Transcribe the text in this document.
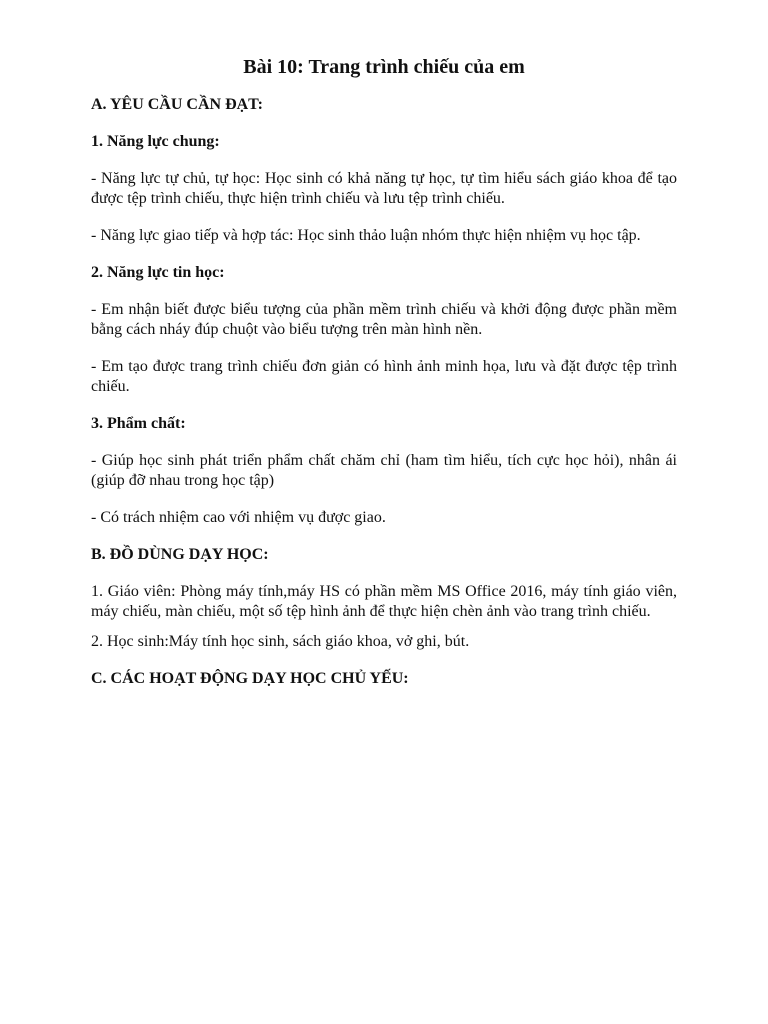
Bài 10: Trang trình chiếu của em
A. YÊU CẦU CẦN ĐẠT:
1. Năng lực chung:

- Năng lực tự chủ, tự học: Học sinh có khả năng tự học, tự tìm hiểu sách giáo khoa để tạo được tệp trình chiếu, thực hiện trình chiếu và lưu tệp trình chiếu.

- Năng lực giao tiếp và hợp tác: Học sinh thảo luận nhóm thực hiện nhiệm vụ học tập.

2. Năng lực tin học:

- Em nhận biết được biểu tượng của phần mềm trình chiếu và khởi động được phần mềm bằng cách nháy đúp chuột vào biểu tượng trên màn hình nền.

- Em tạo được trang trình chiếu đơn giản có hình ảnh minh họa, lưu và đặt được tệp trình chiếu.

3. Phẩm chất:

- Giúp học sinh phát triển phẩm chất chăm chỉ (ham tìm hiểu, tích cực học hỏi), nhân ái (giúp đỡ nhau trong học tập)

- Có trách nhiệm cao với nhiệm vụ được giao.

B. ĐỒ DÙNG DẠY HỌC:

1. Giáo viên: Phòng máy tính,máy HS có phần mềm MS Office 2016, máy tính giáo viên, máy chiếu, màn chiếu, một số tệp hình ảnh để thực hiện chèn ảnh vào trang trình chiếu.

2. Học sinh:Máy tính học sinh, sách giáo khoa, vở ghi, bút.

C. CÁC HOẠT ĐỘNG DẠY HỌC CHỦ YẾU:
